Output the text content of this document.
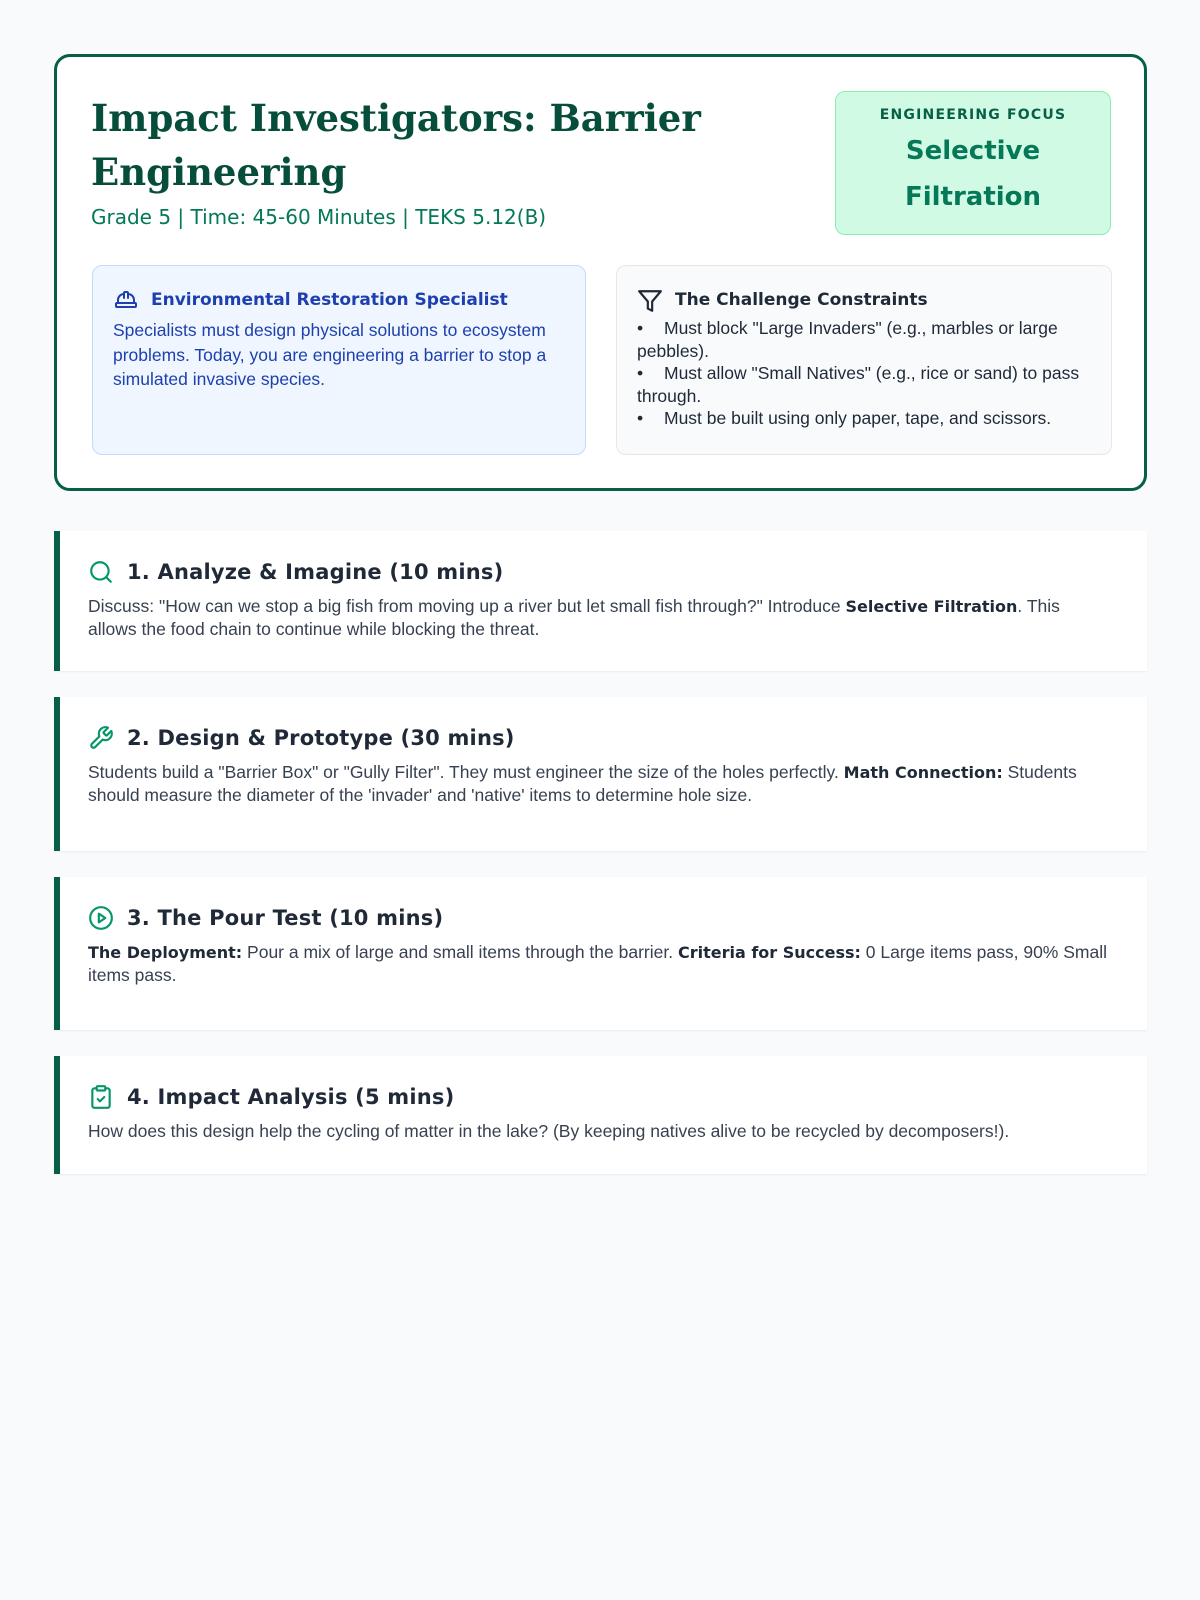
Impact Investigators: Barrier Engineering
Grade 5 | Time: 45-60 Minutes | TEKS 5.12(B)
ENGINEERING FOCUS
Selective Filtration
Environmental Restoration Specialist

Specialists must design physical solutions to ecosystem problems. Today, you are engineering a barrier to stop a simulated invasive species.

The Challenge Constraints
• Must block "Large Invaders" (e.g., marbles or large pebbles).
• Must allow "Small Natives" (e.g., rice or sand) to pass through.
• Must be built using only paper, tape, and scissors.
1. Analyze & Imagine (10 mins)

Discuss: "How can we stop a big fish from moving up a river but let small fish through?" Introduce Selective Filtration. This allows the food chain to continue while blocking the threat.

2. Design & Prototype (30 mins)

Students build a "Barrier Box" or "Gully Filter". They must engineer the size of the holes perfectly. Math Connection: Students should measure the diameter of the 'invader' and 'native' items to determine hole size.

3. The Pour Test (10 mins)

The Deployment: Pour a mix of large and small items through the barrier. Criteria for Success: 0 Large items pass, 90% Small items pass.

4. Impact Analysis (5 mins)

How does this design help the cycling of matter in the lake? (By keeping natives alive to be recycled by decomposers!).
